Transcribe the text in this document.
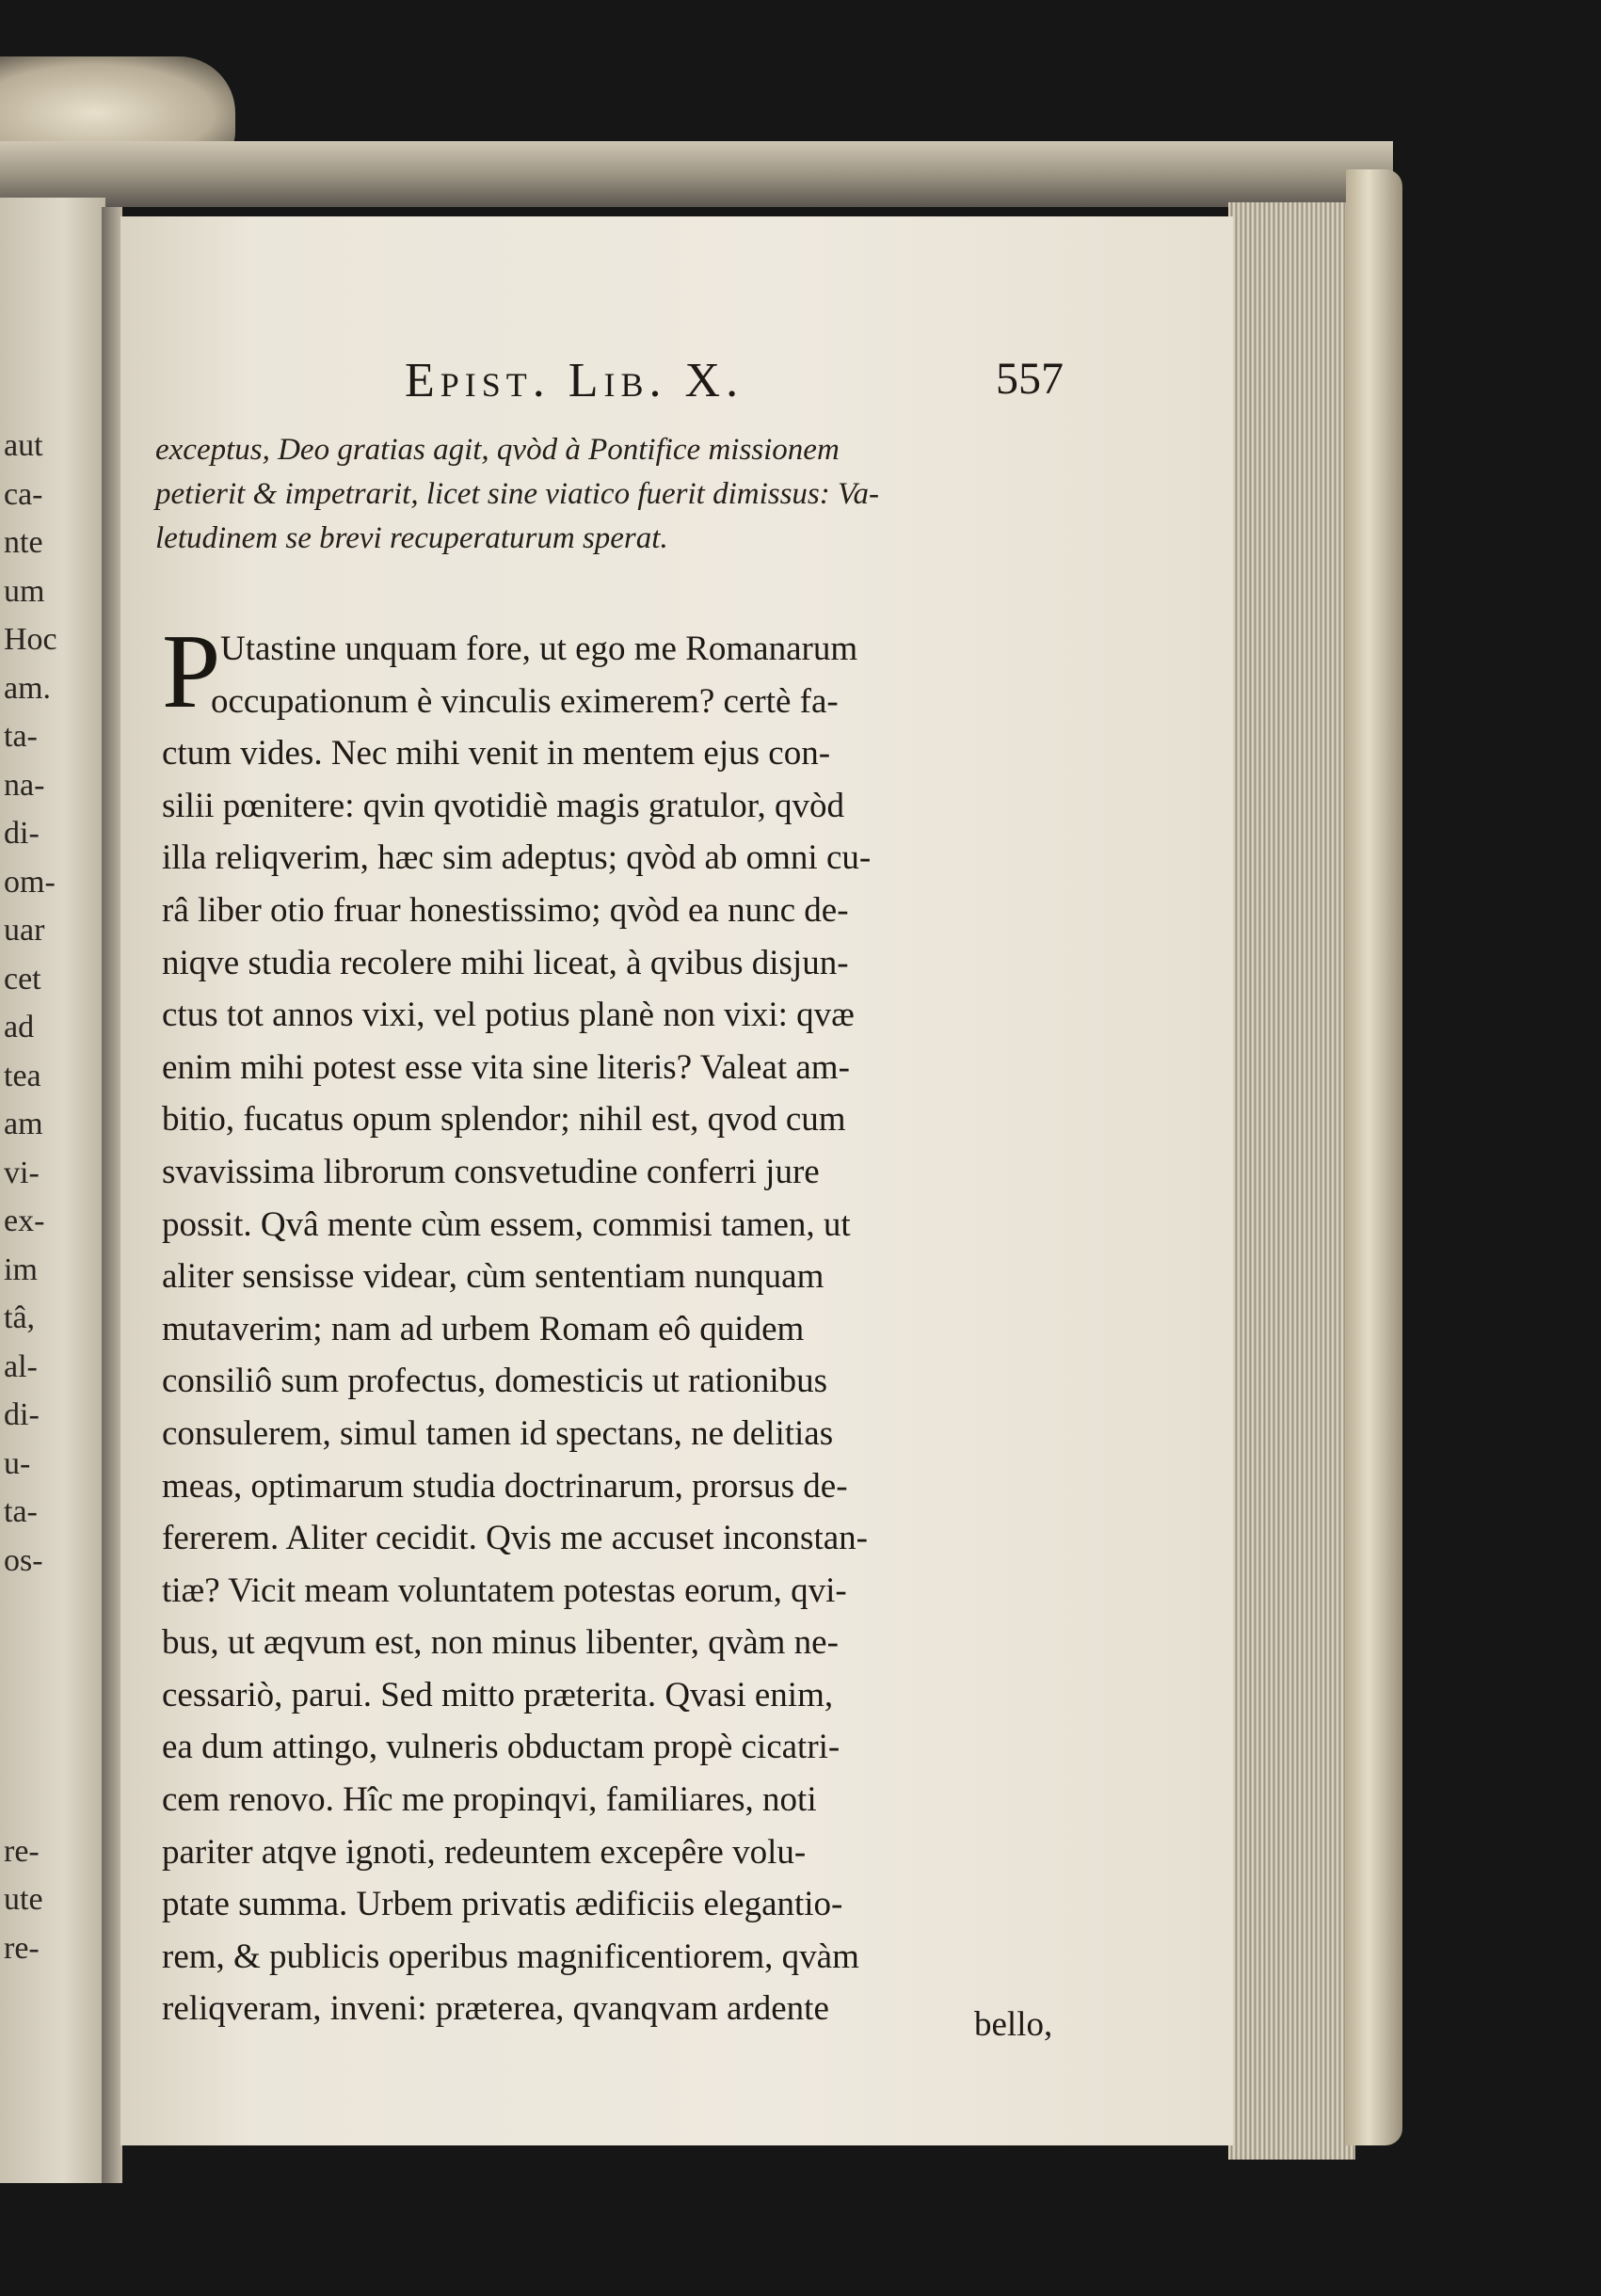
aut
ca-
nte
um
Hoc
am.
ta-
na-
di-
om-
uar
cet
ad
tea
am
vi-
ex-
im
tâ,
al-
di-
u-
ta-
os-
re-
ute
re-
Epist. Lib. X.	557
exceptus, Deo gratias agit, qvòd à Pontifice missionem
petierit & impetrarit, licet sine viatico fuerit dimissus: Va-
letudinem se brevi recuperaturum sperat.
P Utastine unquam fore, ut ego me Romanarum
occupationum è vinculis eximerem? certè fa-
ctum vides. Nec mihi venit in mentem ejus con-
silii pœnitere: qvin qvotidiè magis gratulor, qvòd
illa reliqverim, hæc sim adeptus; qvòd ab omni cu-
râ liber otio fruar honestissimo; qvòd ea nunc de-
niqve studia recolere mihi liceat, à qvibus disjun-
ctus tot annos vixi, vel potius planè non vixi: qvæ
enim mihi potest esse vita sine literis? Valeat am-
bitio, fucatus opum splendor; nihil est, qvod cum
svavissima librorum consvetudine conferri jure
possit. Qvâ mente cùm essem, commisi tamen, ut
aliter sensisse videar, cùm sententiam nunquam
mutaverim; nam ad urbem Romam eô quidem
consiliô sum profectus, domesticis ut rationibus
consulerem, simul tamen id spectans, ne delitias
meas, optimarum studia doctrinarum, prorsus de-
fererem. Aliter cecidit. Qvis me accuset inconstan-
tiæ? Vicit meam voluntatem potestas eorum, qvi-
bus, ut æqvum est, non minus libenter, qvàm ne-
cessariò, parui. Sed mitto præterita. Qvasi enim,
ea dum attingo, vulneris obductam propè cicatri-
cem renovo. Hîc me propinqvi, familiares, noti
pariter atqve ignoti, redeuntem excepêre volu-
ptate summa. Urbem privatis ædificiis elegantio-
rem, & publicis operibus magnificentiorem, qvàm
reliqveram, inveni: præterea, qvanqvam ardente	bello,
